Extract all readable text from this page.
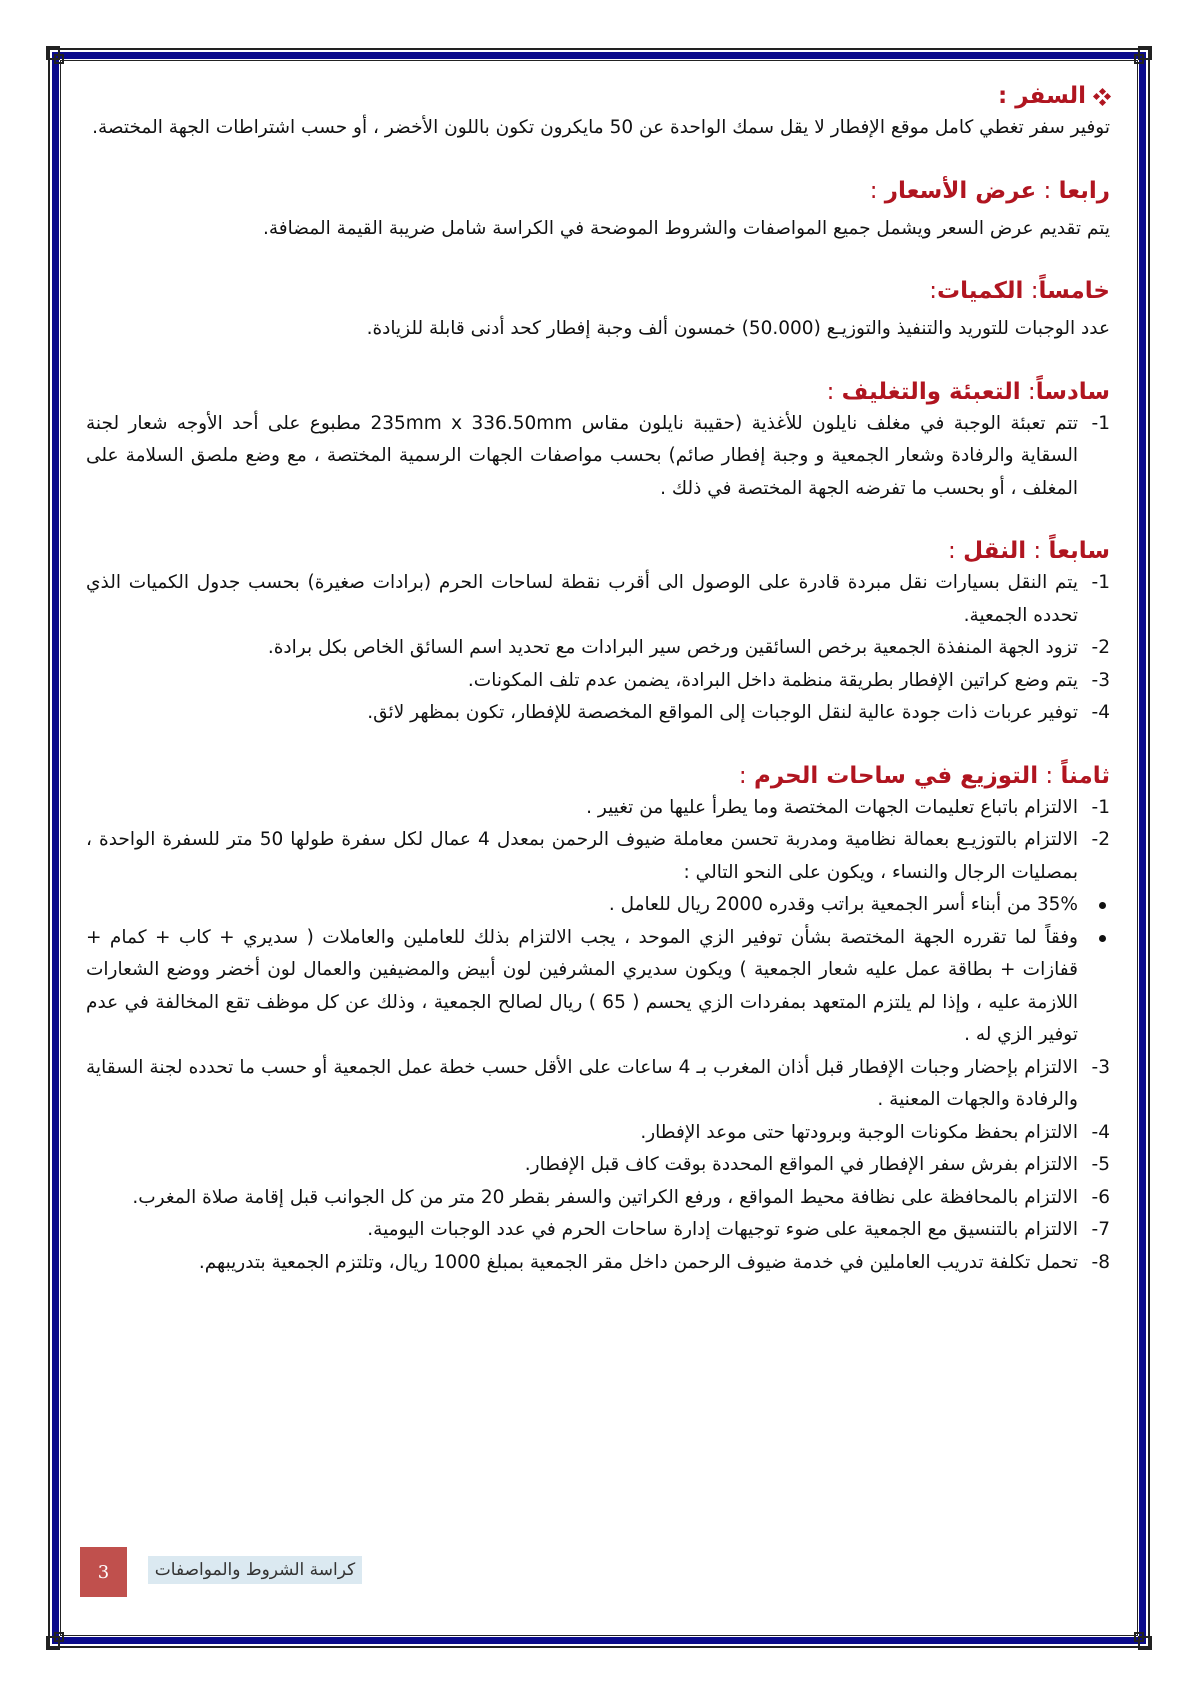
السفر :
توفير سفر تغطي كامل موقع الإفطار لا يقل سمك الواحدة عن 50 مايكرون تكون باللون الأخضر ، أو حسب اشتراطات الجهة المختصة.
رابعا : عرض الأسعار :
يتم تقديم عرض السعر ويشمل جميع المواصفات والشروط الموضحة في الكراسة شامل ضريبة القيمة المضافة.
خامساً: الكميات:
عدد الوجبات للتوريد والتنفيذ والتوزيـع (50.000) خمسون ألف وجبة إفطار كحد أدنى قابلة للزيادة.
سادساً: التعبئة والتغليف :
-1
تتم تعبئة الوجبة في مغلف نايلون للأغذية (حقيبة نايلون مقاس 235mm x 336.50mm مطبوع على أحد الأوجه شعار لجنة السقاية والرفادة وشعار الجمعية و وجبة إفطار صائم) بحسب مواصفات الجهات الرسمية المختصة ، مع وضع ملصق السلامة على المغلف ، أو بحسب ما تفرضه الجهة المختصة في ذلك .
سابعاً : النقل :
-1
يتم النقل بسيارات نقل مبردة قادرة على الوصول الى أقرب نقطة لساحات الحرم (برادات صغيرة) بحسب جدول الكميات الذي تحدده الجمعية.
-2
تزود الجهة المنفذة الجمعية برخص السائقين ورخص سير البرادات مع تحديد اسم السائق الخاص بكل برادة.
-3
يتم وضع كراتين الإفطار بطريقة منظمة داخل البرادة، يضمن عدم تلف المكونات.
-4
توفير عربات ذات جودة عالية لنقل الوجبات إلى المواقع المخصصة للإفطار، تكون بمظهر لائق.
ثامناً : التوزيع في ساحات الحرم :
-1
الالتزام باتباع تعليمات الجهات المختصة وما يطرأ عليها من تغيير .
-2
الالتزام بالتوزيـع بعمالة نظامية ومدربة تحسن معاملة ضيوف الرحمن بمعدل 4 عمال لكل سفرة طولها 50 متر للسفرة الواحدة ، بمصليات الرجال والنساء ، ويكون على النحو التالي :
35% من أبناء أسر الجمعية براتب وقدره 2000 ريال للعامل .
وفقاً لما تقرره الجهة المختصة بشأن توفير الزي الموحد ، يجب الالتزام بذلك للعاملين والعاملات ( سديري + كاب + كمام + قفازات + بطاقة عمل عليه شعار الجمعية ) ويكون سديري المشرفين لون أبيض والمضيفين والعمال لون أخضر ووضع الشعارات اللازمة عليه ، وإذا لم يلتزم المتعهد بمفردات الزي يحسم ( 65 ) ريال لصالح الجمعية ، وذلك عن كل موظف تقع المخالفة في عدم توفير الزي له .
-3
الالتزام بإحضار وجبات الإفطار قبل أذان المغرب بـ 4 ساعات على الأقل حسب خطة عمل الجمعية أو حسب ما تحدده لجنة السقاية والرفادة والجهات المعنية .
-4
الالتزام بحفظ مكونات الوجبة وبرودتها حتى موعد الإفطار.
-5
الالتزام بفرش سفر الإفطار في المواقع المحددة بوقت كاف قبل الإفطار.
-6
الالتزام بالمحافظة على نظافة محيط المواقع ، ورفع الكراتين والسفر بقطر 20 متر من كل الجوانب قبل إقامة صلاة المغرب.
-7
الالتزام بالتنسيق مع الجمعية على ضوء توجيهات إدارة ساحات الحرم في عدد الوجبات اليومية.
-8
تحمل تكلفة تدريب العاملين في خدمة ضيوف الرحمن داخل مقر الجمعية بمبلغ 1000 ريال، وتلتزم الجمعية بتدريبهم.
3	كراسة الشروط والمواصفات
